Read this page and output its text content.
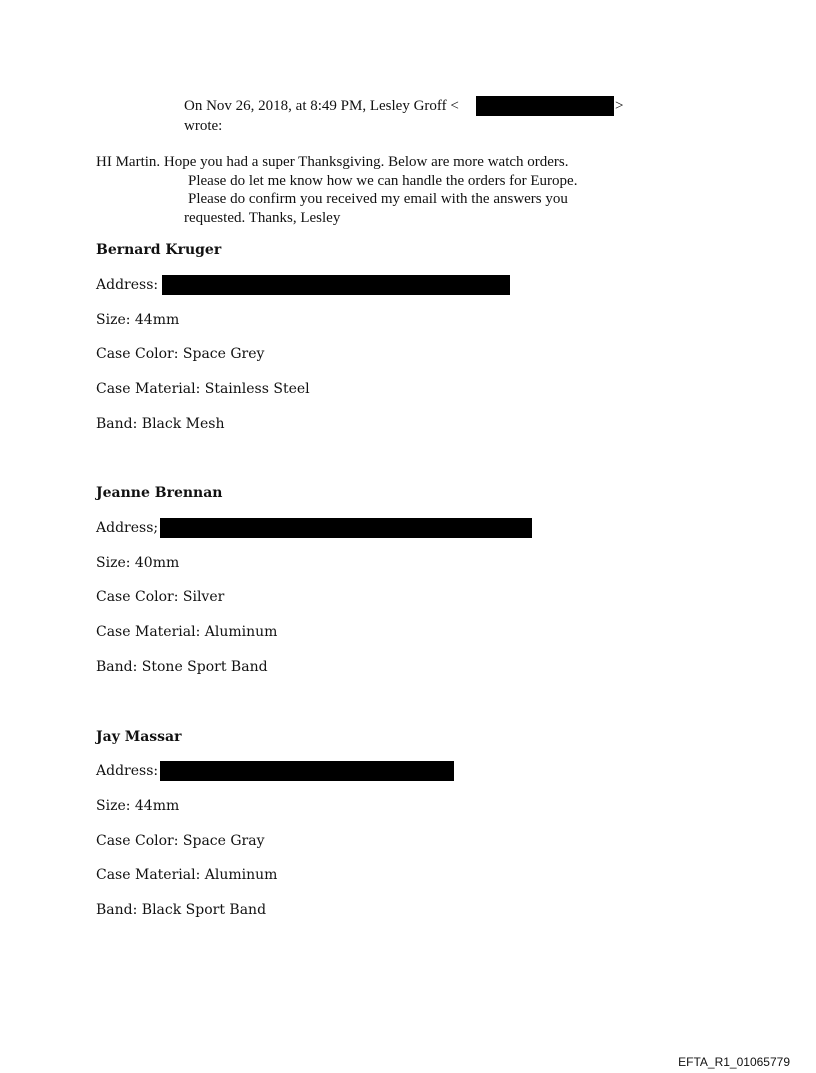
On Nov 26, 2018, at 8:49 PM, Lesley Groff <	>
wrote:
HI Martin. Hope you had a super Thanksgiving. Below are more watch orders.
Please do let me know how we can handle the orders for Europe.
Please do confirm you received my email with the answers you
requested. Thanks, Lesley
Bernard Kruger
Address:
Size: 44mm
Case Color: Space Grey
Case Material: Stainless Steel
Band: Black Mesh
Jeanne Brennan
Address;
Size: 40mm
Case Color: Silver
Case Material: Aluminum
Band: Stone Sport Band
Jay Massar
Address:
Size: 44mm
Case Color: Space Gray
Case Material: Aluminum
Band: Black Sport Band
EFTA_R1_01065779
